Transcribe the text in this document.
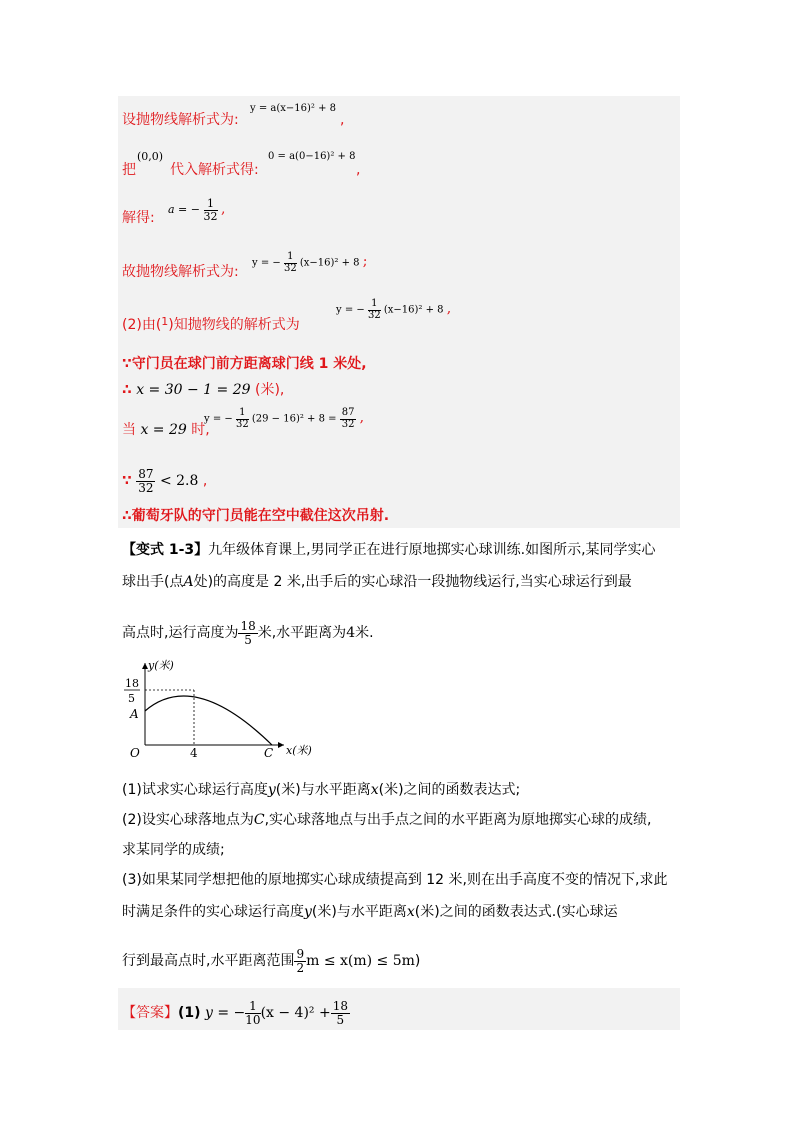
设抛物线解析式为:
y = a(x−16)² + 8
,
把
(0,0)
代入解析式得:
0 = a(0−16)² + 8
,
解得:
a = − $\frac{1}{32}$ ,
故抛物线解析式为:
y = − $\frac{1}{32} (x-16)^2 + 8$ ;
(2)由($^1$)知抛物线的解析式为
y = − $\frac{1}{32} (x-16)^2 + 8$ ,
∵守门员在球门前方距离球门线 1 米处,
∴ x = 30 − 1 = 29 (米),
当 x = 29 时,
y = − $\frac{1}{32} (29 - 16)^2 + 8 = \frac{87}{32}$ ,
∵ $\frac{87}{32} < 2.8$ ,
∴葡萄牙队的守门员能在空中截住这次吊射.
【变式 1-3】九年级体育课上,男同学正在进行原地掷实心球训练.如图所示,某同学实心
球出手(点A处)的高度是 2 米,出手后的实心球沿一段抛物线运行,当实心球运行到最
高点时,运行高度为 $\frac{18}{5}$ 米,水平距离为4米.
y(米)
x(米)
18
5
A
O	4	C
(1)试求实心球运行高度y(米)与水平距离x(米)之间的函数表达式;
(2)设实心球落地点为C,实心球落地点与出手点之间的水平距离为原地掷实心球的成绩,
求某同学的成绩;
(3)如果某同学想把他的原地掷实心球成绩提高到 12 米,则在出手高度不变的情况下,求此
时满足条件的实心球运行高度y(米)与水平距离x(米)之间的函数表达式.(实心球运
行到最高点时,水平距离范围 $\frac{9}{2}$ m ≤ x(m) ≤ 5m)
【答案】(1) y = − $\frac{1}{10} (x - 4)^2 + \frac{18}{5}$
